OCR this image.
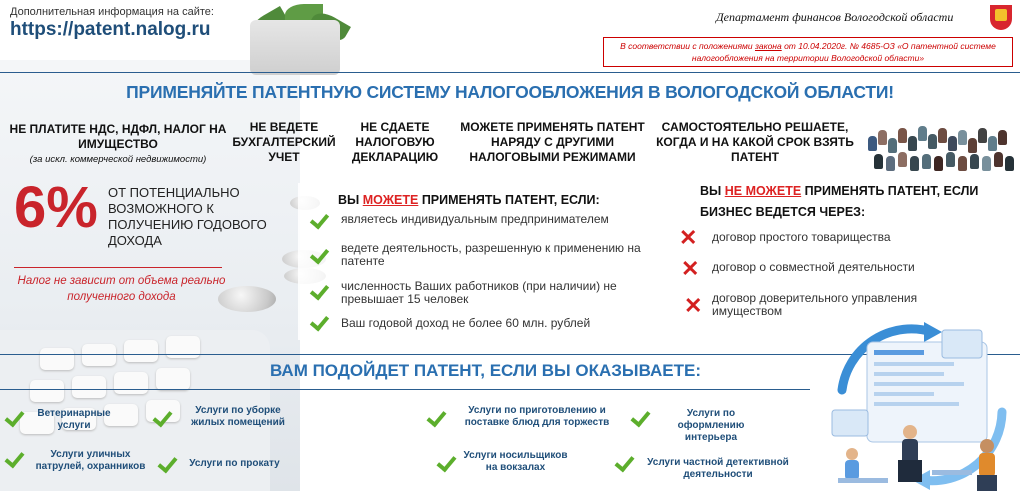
Дополнительная информация на сайте:
https://patent.nalog.ru
Департамент финансов Вологодской области
В соответствии с положениями закона от 10.04.2020г. № 4685-ОЗ «О патентной системе налогообложения на территории Вологодской области»
ПРИМЕНЯЙТЕ ПАТЕНТНУЮ СИСТЕМУ НАЛОГООБЛОЖЕНИЯ В ВОЛОГОДСКОЙ ОБЛАСТИ!
НЕ ПЛАТИТЕ НДС, НДФЛ, НАЛОГ НА ИМУЩЕСТВО
(за искл. коммерческой недвижимости)
НЕ ВЕДЕТЕ БУХГАЛТЕРСКИЙ УЧЕТ
НЕ СДАЕТЕ НАЛОГОВУЮ ДЕКЛАРАЦИЮ
МОЖЕТЕ ПРИМЕНЯТЬ ПАТЕНТ НАРЯДУ С ДРУГИМИ НАЛОГОВЫМИ РЕЖИМАМИ
САМОСТОЯТЕЛЬНО РЕШАЕТЕ, КОГДА И НА КАКОЙ СРОК ВЗЯТЬ ПАТЕНТ
6% ОТ ПОТЕНЦИАЛЬНО ВОЗМОЖНОГО К ПОЛУЧЕНИЮ ГОДОВОГО ДОХОДА
Налог не зависит от объема реально полученного дохода
ВЫ МОЖЕТЕ ПРИМЕНЯТЬ ПАТЕНТ, ЕСЛИ:
являетесь индивидуальным предпринимателем
ведете деятельность, разрешенную к применению на патенте
численность Ваших работников (при наличии) не превышает 15 человек
Ваш годовой доход не более 60 млн. рублей
ВЫ НЕ МОЖЕТЕ ПРИМЕНЯТЬ ПАТЕНТ, ЕСЛИ БИЗНЕС ВЕДЕТСЯ ЧЕРЕЗ:
✕ договор простого товарищества
✕ договор о совместной деятельности
✕ договор доверительного управления имуществом
ВАМ ПОДОЙДЕТ ПАТЕНТ, ЕСЛИ ВЫ ОКАЗЫВАЕТЕ:
Ветеринарные услуги
Услуги по уборке жилых помещений
Услуги по приготовлению и поставке блюд для торжеств
Услуги по оформлению интерьера
Услуги уличных патрулей, охранников	Услуги по прокату
Услуги носильщиков на вокзалах	Услуги частной детективной деятельности
